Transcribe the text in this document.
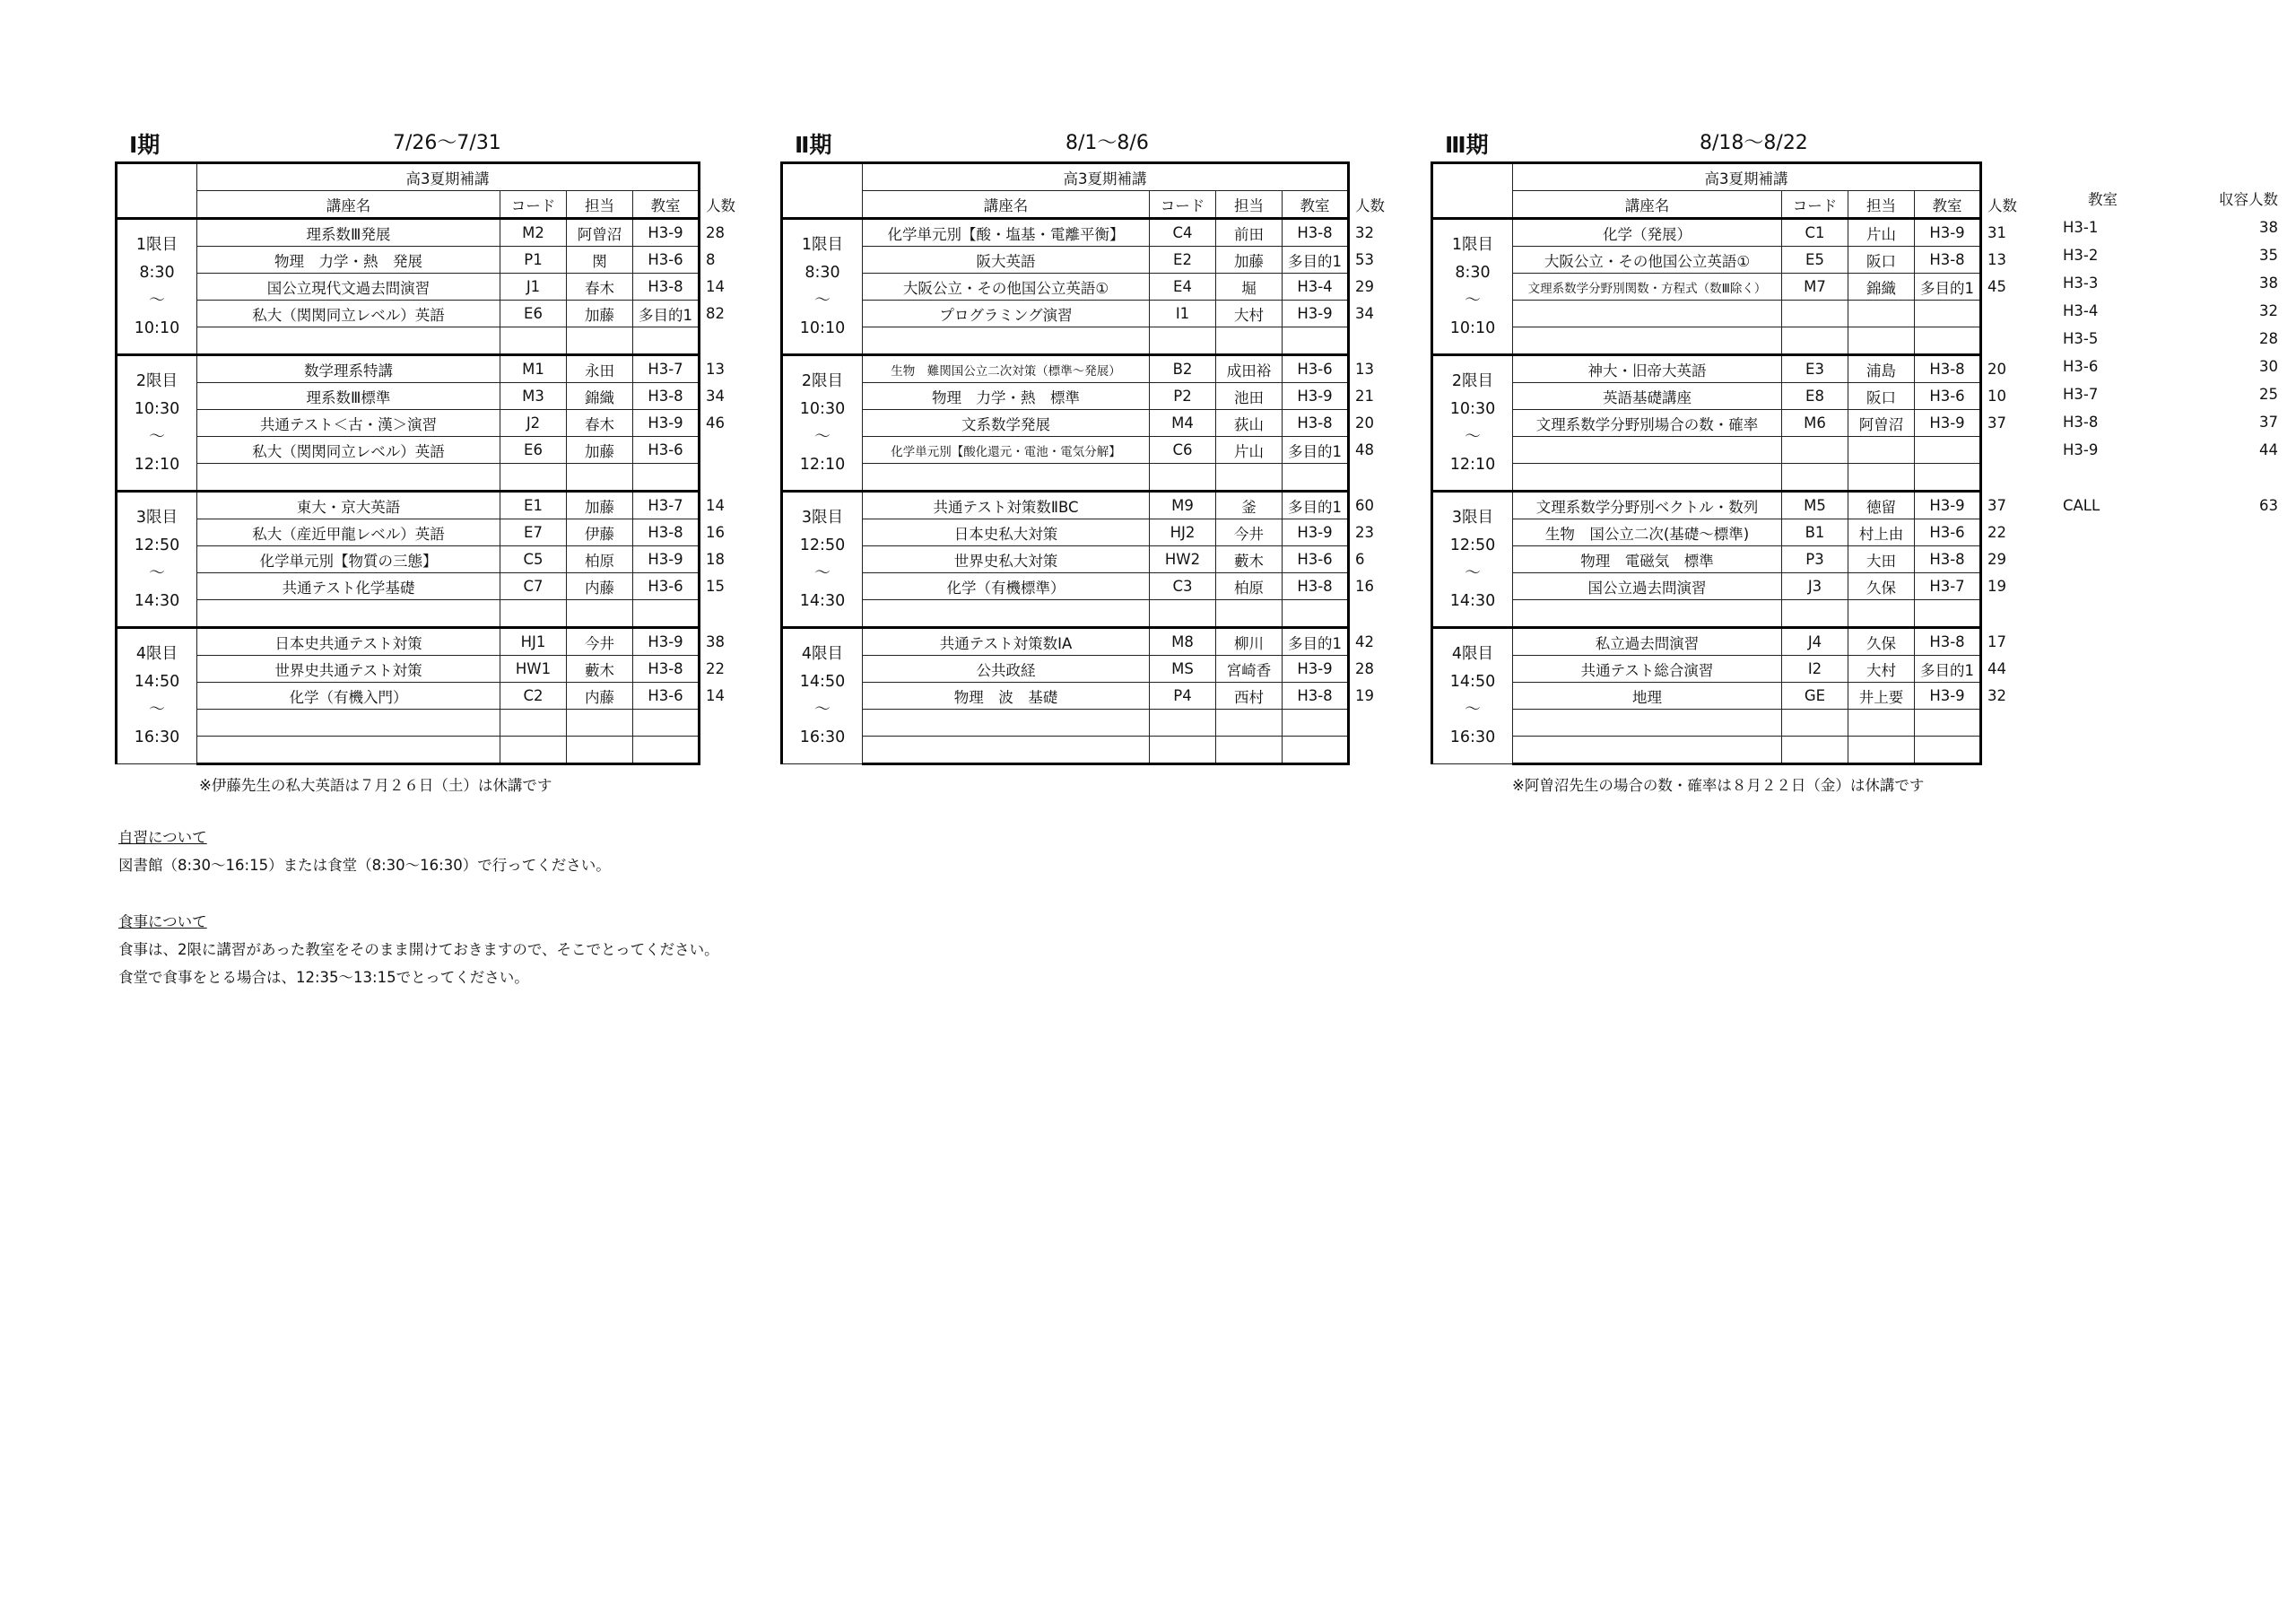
Ⅰ期	7/26〜7/31
	高3夏期補講				
	講座名	コード	担当	教室	人数

1限目
8:30
〜
10:10	理系数Ⅲ発展	M2	阿曾沼	H3-9	28
	物理　力学・熱　発展	P1	関	H3-6	8
	国公立現代文過去問演習	J1	春木	H3-8	14
	私大（関関同立レベル）英語	E6	加藤	多目的1	82

2限目
10:30
〜
12:10	数学理系特講	M1	永田	H3-7	13
	理系数Ⅲ標準	M3	錦織	H3-8	34
	共通テスト＜古・漢＞演習	J2	春木	H3-9	46
	私大（関関同立レベル）英語	E6	加藤	H3-6	

3限目
12:50
〜
14:30	東大・京大英語	E1	加藤	H3-7	14
	私大（産近甲龍レベル）英語	E7	伊藤	H3-8	16
	化学単元別【物質の三態】	C5	柏原	H3-9	18
	共通テスト化学基礎	C7	内藤	H3-6	15

4限目
14:50
〜
16:30	日本史共通テスト対策	HJ1	今井	H3-9	38
	世界史共通テスト対策	HW1	藪木	H3-8	22
	化学（有機入門）	C2	内藤	H3-6	14

Ⅱ期	8/1〜8/6
	高3夏期補講				
	講座名	コード	担当	教室	人数

1限目
8:30
〜
10:10	化学単元別【酸・塩基・電離平衡】	C4	前田	H3-8	32
	阪大英語	E2	加藤	多目的1	53
	大阪公立・その他国公立英語①	E4	堀	H3-4	29
	プログラミング演習	I1	大村	H3-9	34

2限目
10:30
〜
12:10	生物　難関国公立二次対策（標準〜発展）	B2	成田裕	H3-6	13
	物理　力学・熱　標準	P2	池田	H3-9	21
	文系数学発展	M4	荻山	H3-8	20
	化学単元別【酸化還元・電池・電気分解】	C6	片山	多目的1	48

3限目
12:50
〜
14:30	共通テスト対策数ⅡBC	M9	釜	多目的1	60
	日本史私大対策	HJ2	今井	H3-9	23
	世界史私大対策	HW2	藪木	H3-6	6
	化学（有機標準）	C3	柏原	H3-8	16

4限目
14:50
〜
16:30	共通テスト対策数ⅠA	M8	柳川	多目的1	42
	公共政経	MS	宮崎香	H3-9	28
	物理　波　基礎	P4	西村	H3-8	19

Ⅲ期	8/18〜8/22
	高3夏期補講				
	講座名	コード	担当	教室	人数

1限目
8:30
〜
10:10	化学（発展）	C1	片山	H3-9	31
	大阪公立・その他国公立英語①	E5	阪口	H3-8	13
	文理系数学分野別関数・方程式（数Ⅲ除く）	M7	錦織	多目的1	45

2限目
10:30
〜
12:10	神大・旧帝大英語	E3	浦島	H3-8	20
	英語基礎講座	E8	阪口	H3-6	10
	文理系数学分野別場合の数・確率	M6	阿曽沼	H3-9	37

3限目
12:50
〜
14:30	文理系数学分野別ベクトル・数列	M5	徳留	H3-9	37
	生物　国公立二次(基礎〜標準)	B1	村上由	H3-6	22
	物理　電磁気　標準	P3	大田	H3-8	29
	国公立過去問演習	J3	久保	H3-7	19

4限目
14:50
〜
16:30	私立過去問演習	J4	久保	H3-8	17
	共通テスト総合演習	I2	大村	多目的1	44
	地理	GE	井上要	H3-9	32

※伊藤先生の私大英語は７月２６日（土）は休講です	※阿曽沼先生の場合の数・確率は８月２２日（金）は休講です
教室	収容人数
H3-1	38
H3-2	35
H3-3	38
H3-4	32
H3-5	28
H3-6	30
H3-7	25
H3-8	37
H3-9	44
CALL	63
自習について
図書館（8:30〜16:15）または食堂（8:30〜16:30）で行ってください。
食事について
食事は、2限に講習があった教室をそのまま開けておきますので、そこでとってください。
食堂で食事をとる場合は、12:35〜13:15でとってください。
